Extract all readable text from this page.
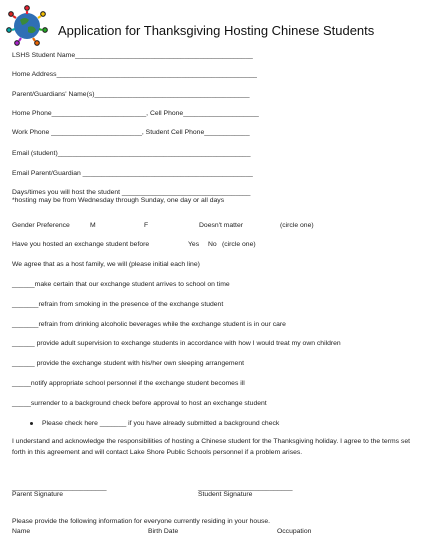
Application for Thanksgiving Hosting Chinese Students
LSHS Student Name_______________________________________________
Home Address_____________________________________________________
Parent/Guardians' Name(s)_________________________________________
Home Phone_________________________, Cell Phone____________________
Work Phone ________________________, Student Cell Phone____________
Email (student)___________________________________________________
Email Parent/Guardian _____________________________________________
Days/times you will host the student __________________________________
*hosting may be from Wednesday through Sunday, one day or all days
Gender Preference	M	F	Doesn't matter	(circle one)
Have you hosted an exchange student before	Yes No (circle one)
We agree that as a host family, we will (please initial each line)
______make certain that our exchange student arrives to school on time
_______refrain from smoking in the presence of the exchange student
_______refrain from drinking alcoholic beverages while the exchange student is in our care
______ provide adult supervision to exchange students in accordance with how I would treat my own children
______ provide the exchange student with his/her own sleeping arrangement
_____notify appropriate school personnel if the exchange student becomes ill
_____surrender to a background check before approval to host an exchange student
Please check here _______ if you have already submitted a background check
I understand and acknowledge the responsibilities of hosting a Chinese student for the Thanksgiving holiday. I agree to the terms set forth in this agreement and will contact Lake Shore Public Schools personnel if a problem arises.
_________________________
Parent Signature
_________________________
Student Signature
Please provide the following information for everyone currently residing in your house.
Name	Birth Date	Occupation
